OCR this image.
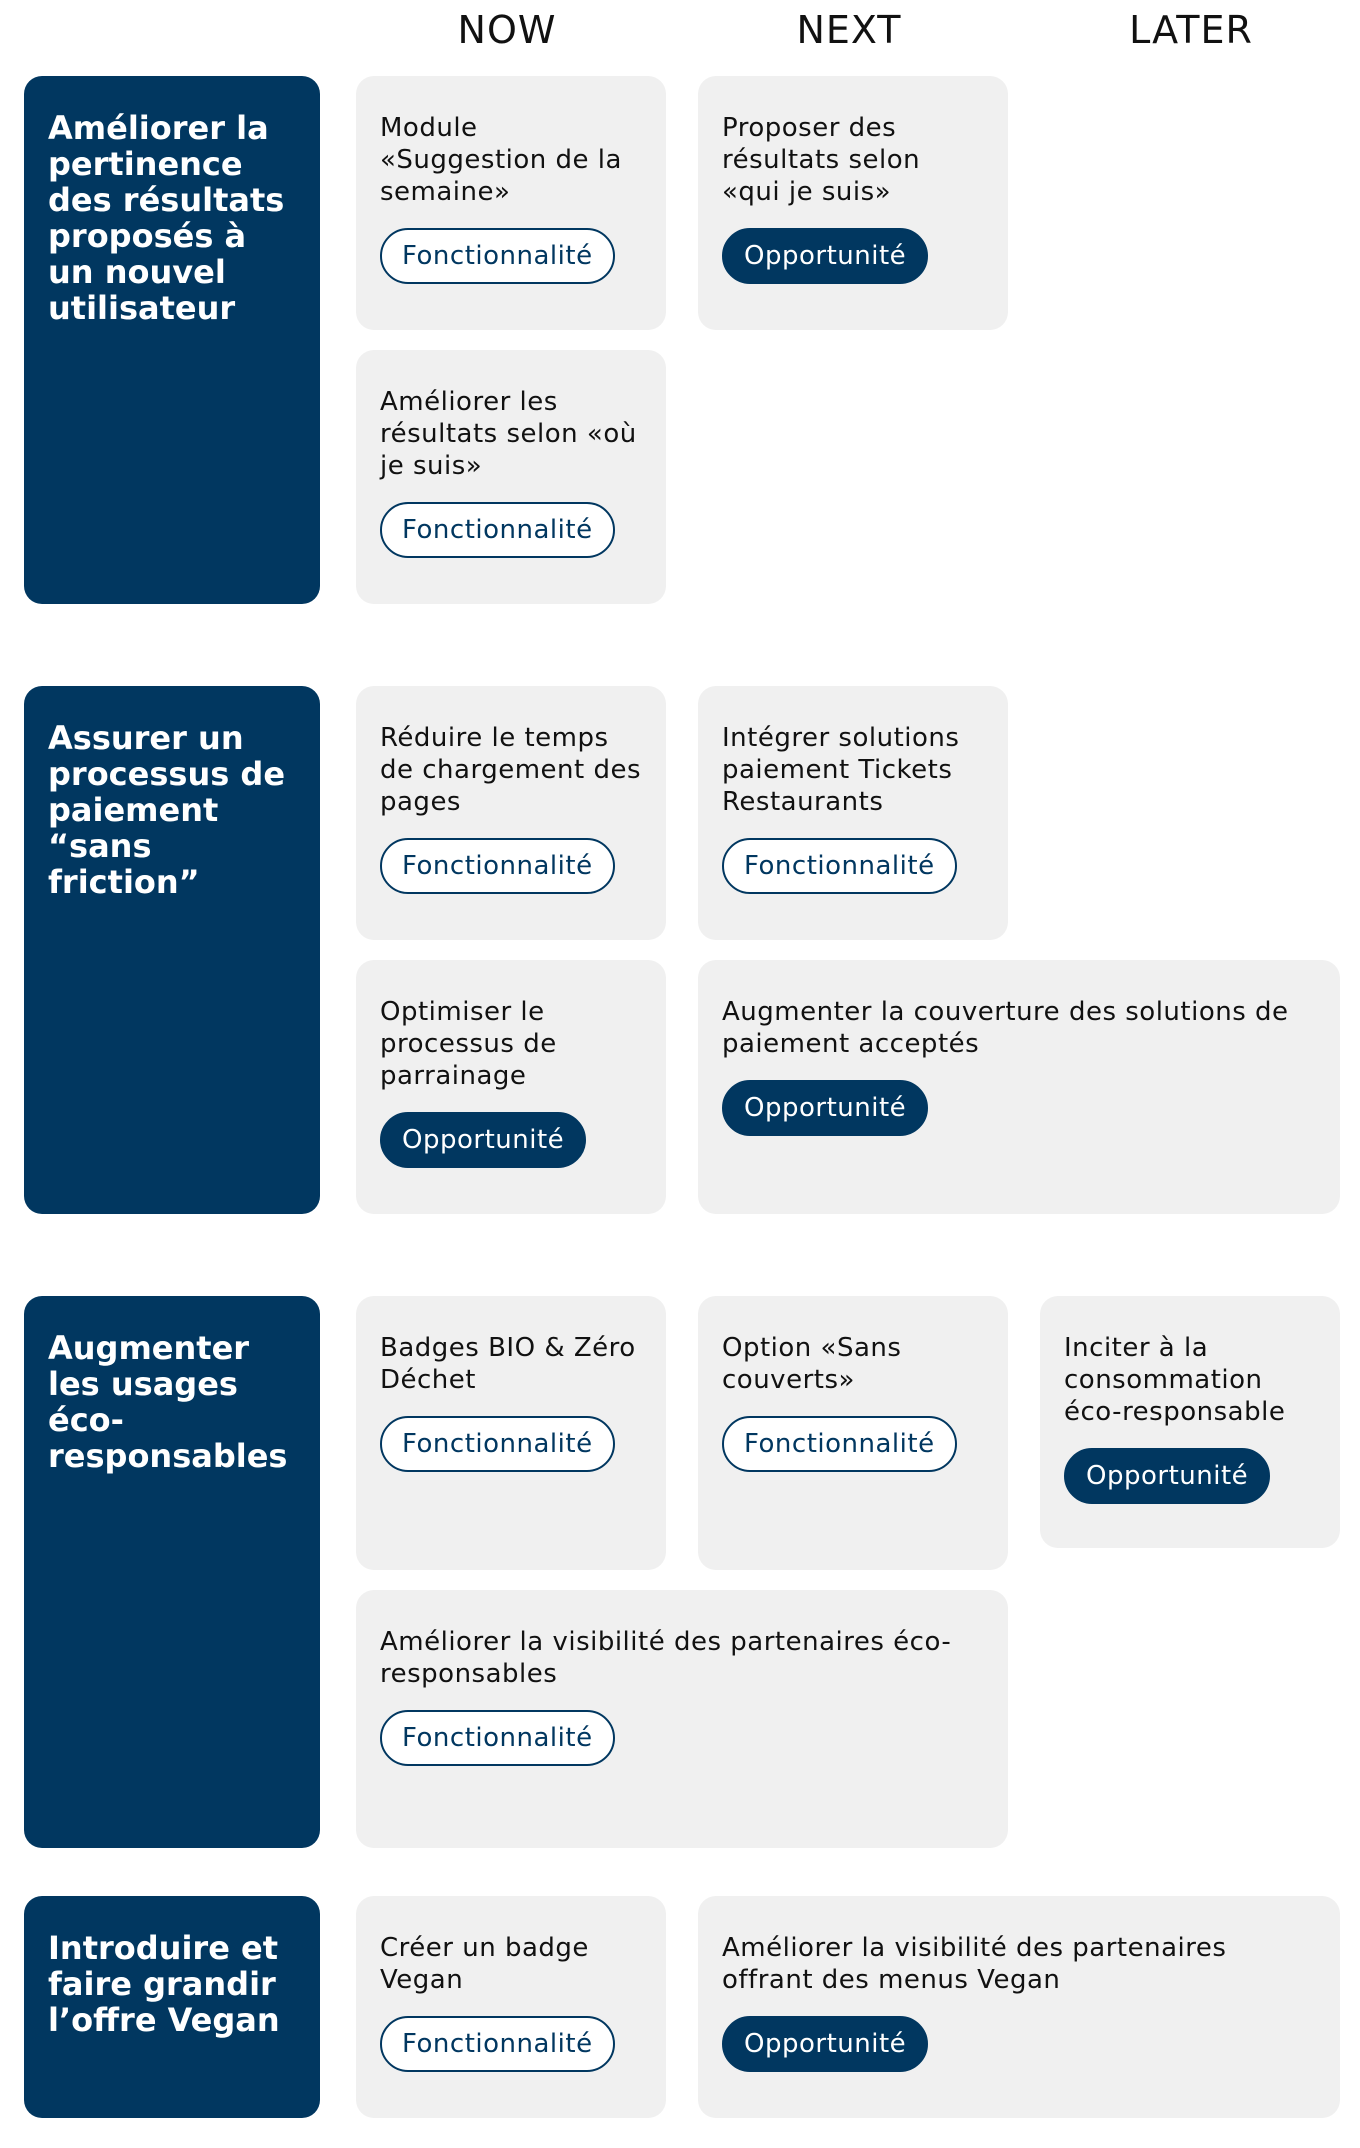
NOW	NEXT	LATER
Améliorer la pertinence des résultats proposés à un nouvel utilisateur

Module «Suggestion de la semaine»

Fonctionnalité

Proposer des résultats selon «qui je suis»

Opportunité

Améliorer les résultats selon «où je suis»

Fonctionnalité
Assurer un processus de paiement “sans friction”

Réduire le temps de chargement des pages

Fonctionnalité

Intégrer solutions paiement Tickets Restaurants

Fonctionnalité

Optimiser le processus de parrainage

Opportunité

Augmenter la couverture des solutions de paiement acceptés

Opportunité
Augmenter les usages éco-responsables

Badges BIO & Zéro Déchet

Fonctionnalité

Option «Sans couverts»

Fonctionnalité

Inciter à la consommation éco-responsable

Opportunité

Améliorer la visibilité des partenaires éco-responsables

Fonctionnalité
Introduire et faire grandir l’offre Vegan

Créer un badge Vegan

Fonctionnalité

Améliorer la visibilité des partenaires offrant des menus Vegan

Opportunité
